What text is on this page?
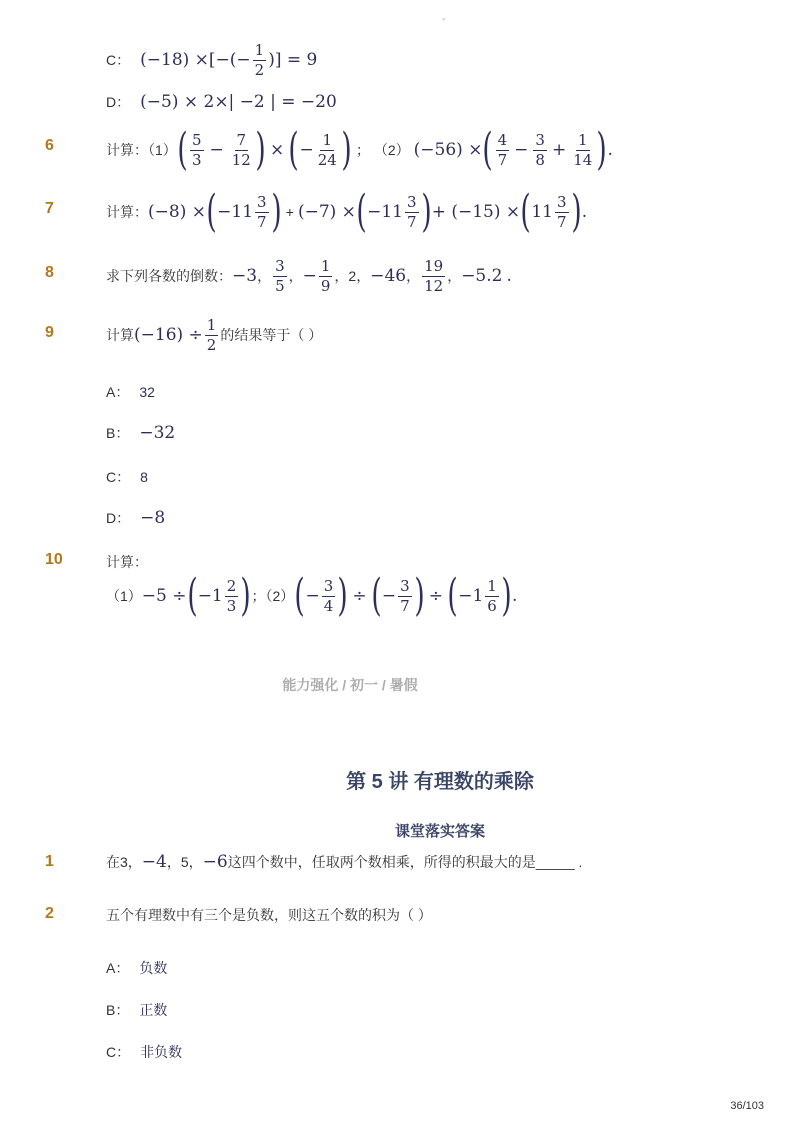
-
C： (−18) ×[−(− $\frac{1}{2}$ )] = 9
D： (−5) × 2×| −2 | = −20
6	计算：（1） ( $\frac{5}{3} - \frac{7}{12}$ ) × ( − $\frac{1}{24}$ ) ； （2） (−56) × ( $\frac{4}{7} - \frac{3}{8} + \frac{1}{14}$ ) .
7	计算： (−8) × ( $-11 \frac{3}{7}$ ) + (−7) × ( $-11 \frac{3}{7}$ ) + (−15) × ( $11 \frac{3}{7}$ ) .
8	求下列各数的倒数： −3 ， $\frac{3}{5}$ ， − $\frac{1}{9}$ ， 2 ， −46 ， $\frac{19}{12}$ ， −5.2 .
9	计算 $(-16) \div \frac{1}{2}$ 的结果等于（ ）
A： 32
B： −32
C： 8
D： −8
10	计算：
（1） −5 ÷ ( $-1 \frac{2}{3}$ ) ；（2） ( − $\frac{3}{4}$ ) ÷ ( − $\frac{3}{7}$ ) ÷ ( $-1 \frac{1}{6}$ ) .
能力强化 / 初一 / 暑假
第 5 讲 有理数的乘除
课堂落实答案
1	在3， −4 ，5， −6 这四个数中，任取两个数相乘，所得的积最大的是_____ .
2	五个有理数中有三个是负数，则这五个数的积为（ ）
A： 负数
B： 正数
C： 非负数
36/103
